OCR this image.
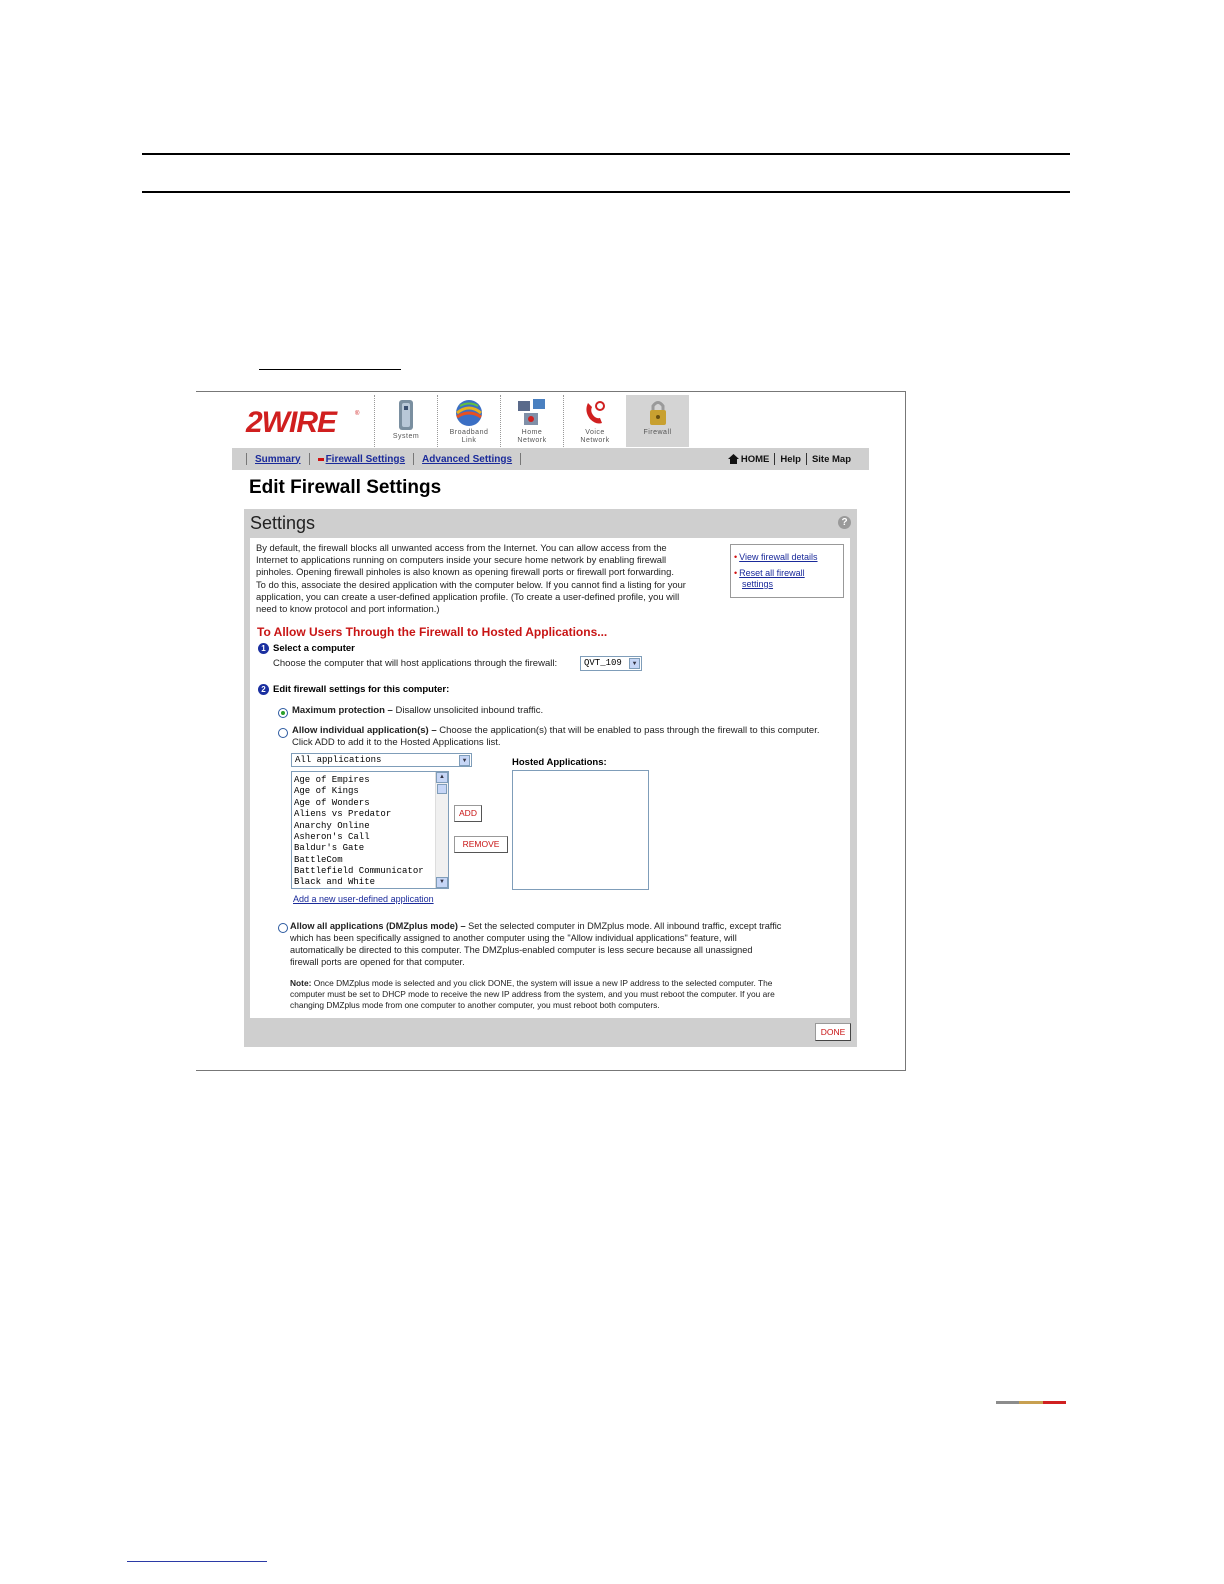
2WIRE	®
System
Broadband
Link
Home
Network
Voice
Network
Firewall
Summary	Firewall Settings Advanced Settings	HOME Help Site Map
Edit Firewall Settings
Settings	?
By default, the firewall blocks all unwanted access from the Internet. You can allow access from the
Internet to applications running on computers inside your secure home network by enabling firewall
pinholes. Opening firewall pinholes is also known as opening firewall ports or firewall port forwarding.
To do this, associate the desired application with the computer below. If you cannot find a listing for your
application, you can create a user-defined application profile. (To create a user-defined profile, you will
need to know protocol and port information.)
• View firewall details
• Reset all firewall
settings
To Allow Users Through the Firewall to Hosted Applications...
1 Select a computer
Choose the computer that will host applications through the firewall:	QVT_109	▼
2 Edit firewall settings for this computer:
Maximum protection – Disallow unsolicited inbound traffic.
Allow individual application(s) – Choose the application(s) that will be enabled to pass through the firewall to this computer.
Click ADD to add it to the Hosted Applications list.
All applications	▼
Age of Empires
Age of Kings
Age of Wonders
Aliens vs Predator
Anarchy Online
Asheron's Call
Baldur's Gate
BattleCom
Battlefield Communicator
Black and White
▲
▼
ADD
REMOVE
Hosted Applications:
Add a new user-defined application
Allow all applications (DMZplus mode) – Set the selected computer in DMZplus mode. All inbound traffic, except traffic
which has been specifically assigned to another computer using the "Allow individual applications" feature, will
automatically be directed to this computer. The DMZplus-enabled computer is less secure because all unassigned
firewall ports are opened for that computer.
Note: Once DMZplus mode is selected and you click DONE, the system will issue a new IP address to the selected computer. The
computer must be set to DHCP mode to receive the new IP address from the system, and you must reboot the computer. If you are
changing DMZplus mode from one computer to another computer, you must reboot both computers.
DONE
